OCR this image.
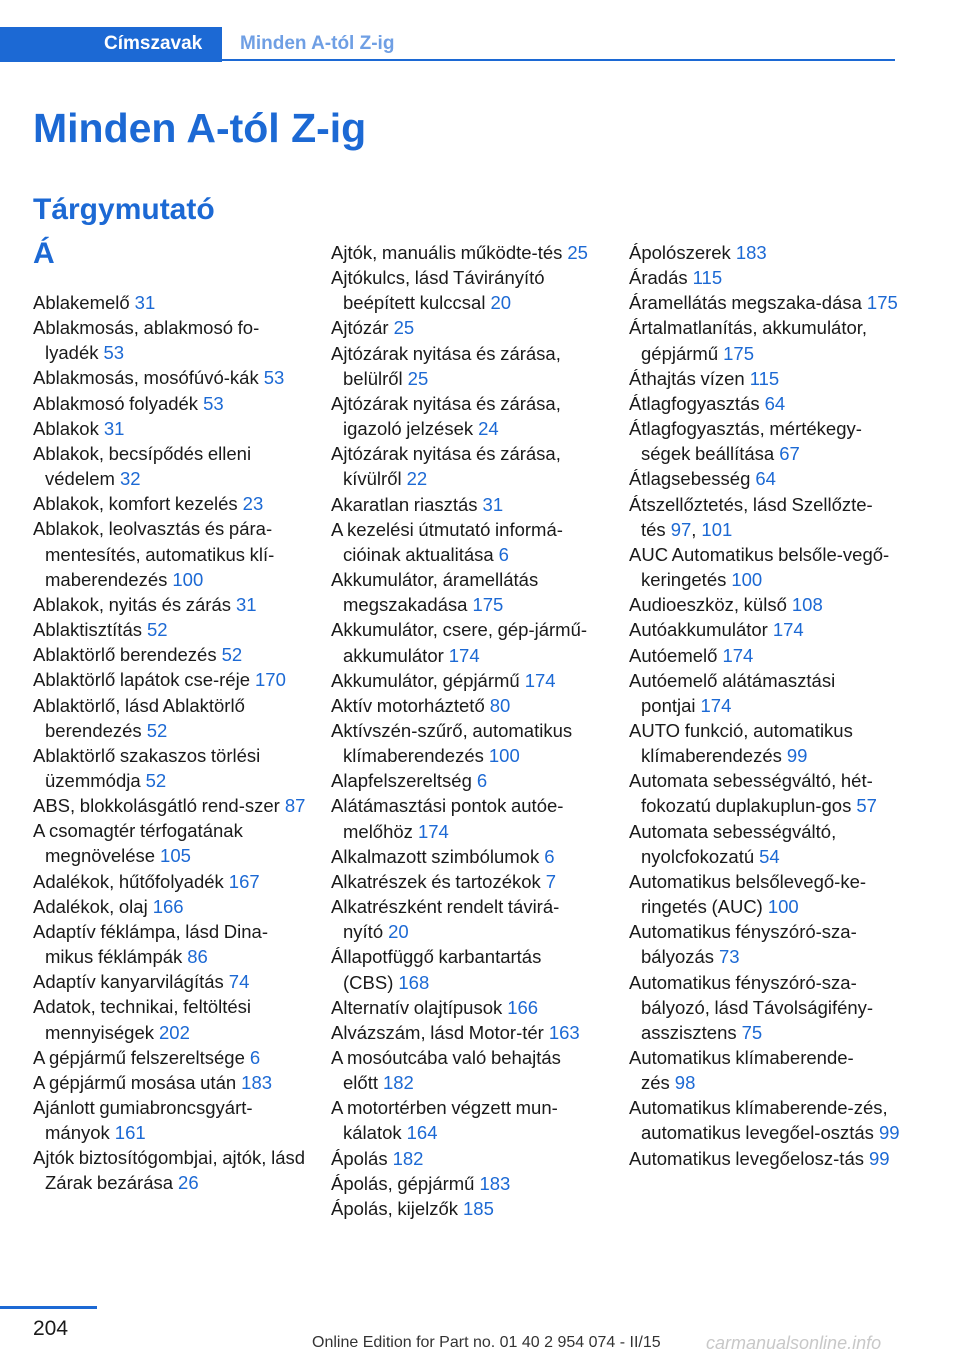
Címszavak	Minden A-tól Z-ig
Minden A-tól Z-ig
Tárgymutató
Á
Ablakemelő 31
Ablakmosás, ablakmosó fo-lyadék 53
Ablakmosás, mosófúvó-kák 53
Ablakmosó folyadék 53
Ablakok 31
Ablakok, becsípődés elleni védelem 32
Ablakok, komfort kezelés 23
Ablakok, leolvasztás és pára-mentesítés, automatikus klí-maberendezés 100
Ablakok, nyitás és zárás 31
Ablaktisztítás 52
Ablaktörlő berendezés 52
Ablaktörlő lapátok cse-réje 170
Ablaktörlő, lásd Ablaktörlő berendezés 52
Ablaktörlő szakaszos törlési üzemmódja 52
ABS, blokkolásgátló rend-szer 87
A csomagtér térfogatának megnövelése 105
Adalékok, hűtőfolyadék 167
Adalékok, olaj 166
Adaptív féklámpa, lásd Dina-mikus féklámpák 86
Adaptív kanyarvilágítás 74
Adatok, technikai, feltöltési mennyiségek 202
A gépjármű felszereltsége 6
A gépjármű mosása után 183
Ajánlott gumiabroncsgyárt-mányok 161
Ajtók biztosítógombjai, ajtók, lásd Zárak bezárása 26
Ajtók, manuális működte-tés 25
Ajtókulcs, lásd Távirányító beépített kulccsal 20
Ajtózár 25
Ajtózárak nyitása és zárása, belülről 25
Ajtózárak nyitása és zárása, igazoló jelzések 24
Ajtózárak nyitása és zárása, kívülről 22
Akaratlan riasztás 31
A kezelési útmutató informá-cióinak aktualitása 6
Akkumulátor, áramellátás megszakadása 175
Akkumulátor, csere, gép-jármű-akkumulátor 174
Akkumulátor, gépjármű 174
Aktív motorháztető 80
Aktívszén-szűrő, automatikus klímaberendezés 100
Alapfelszereltség 6
Alátámasztási pontok autóe-melőhöz 174
Alkalmazott szimbólumok 6
Alkatrészek és tartozékok 7
Alkatrészként rendelt távirá-nyító 20
Állapotfüggő karbantartás (CBS) 168
Alternatív olajtípusok 166
Alvázszám, lásd Motor-tér 163
A mosóutcába való behajtás előtt 182
A motortérben végzett mun-kálatok 164
Ápolás 182
Ápolás, gépjármű 183
Ápolás, kijelzők 185
Ápolószerek 183
Áradás 115
Áramellátás megszaka-dása 175
Ártalmatlanítás, akkumulátor, gépjármű 175
Áthajtás vízen 115
Átlagfogyasztás 64
Átlagfogyasztás, mértékegy-ségek beállítása 67
Átlagsebesség 64
Átszellőztetés, lásd Szellőzte-tés 97, 101
AUC Automatikus belsőle-vegő-keringetés 100
Audioeszköz, külső 108
Autóakkumulátor 174
Autóemelő 174
Autóemelő alátámasztási pontjai 174
AUTO funkció, automatikus klímaberendezés 99
Automata sebességváltó, hét-fokozatú duplakuplun-gos 57
Automata sebességváltó, nyolcfokozatú 54
Automatikus belsőlevegő-ke-ringetés (AUC) 100
Automatikus fényszóró-sza-bályozás 73
Automatikus fényszóró-sza-bályozó, lásd Távolságifény-asszisztens 75
Automatikus klímaberende-zés 98
Automatikus klímaberende-zés, automatikus levegőel-osztás 99
Automatikus levegőelosz-tás 99
204
Online Edition for Part no. 01 40 2 954 074 - II/15	carmanualsonline.info
